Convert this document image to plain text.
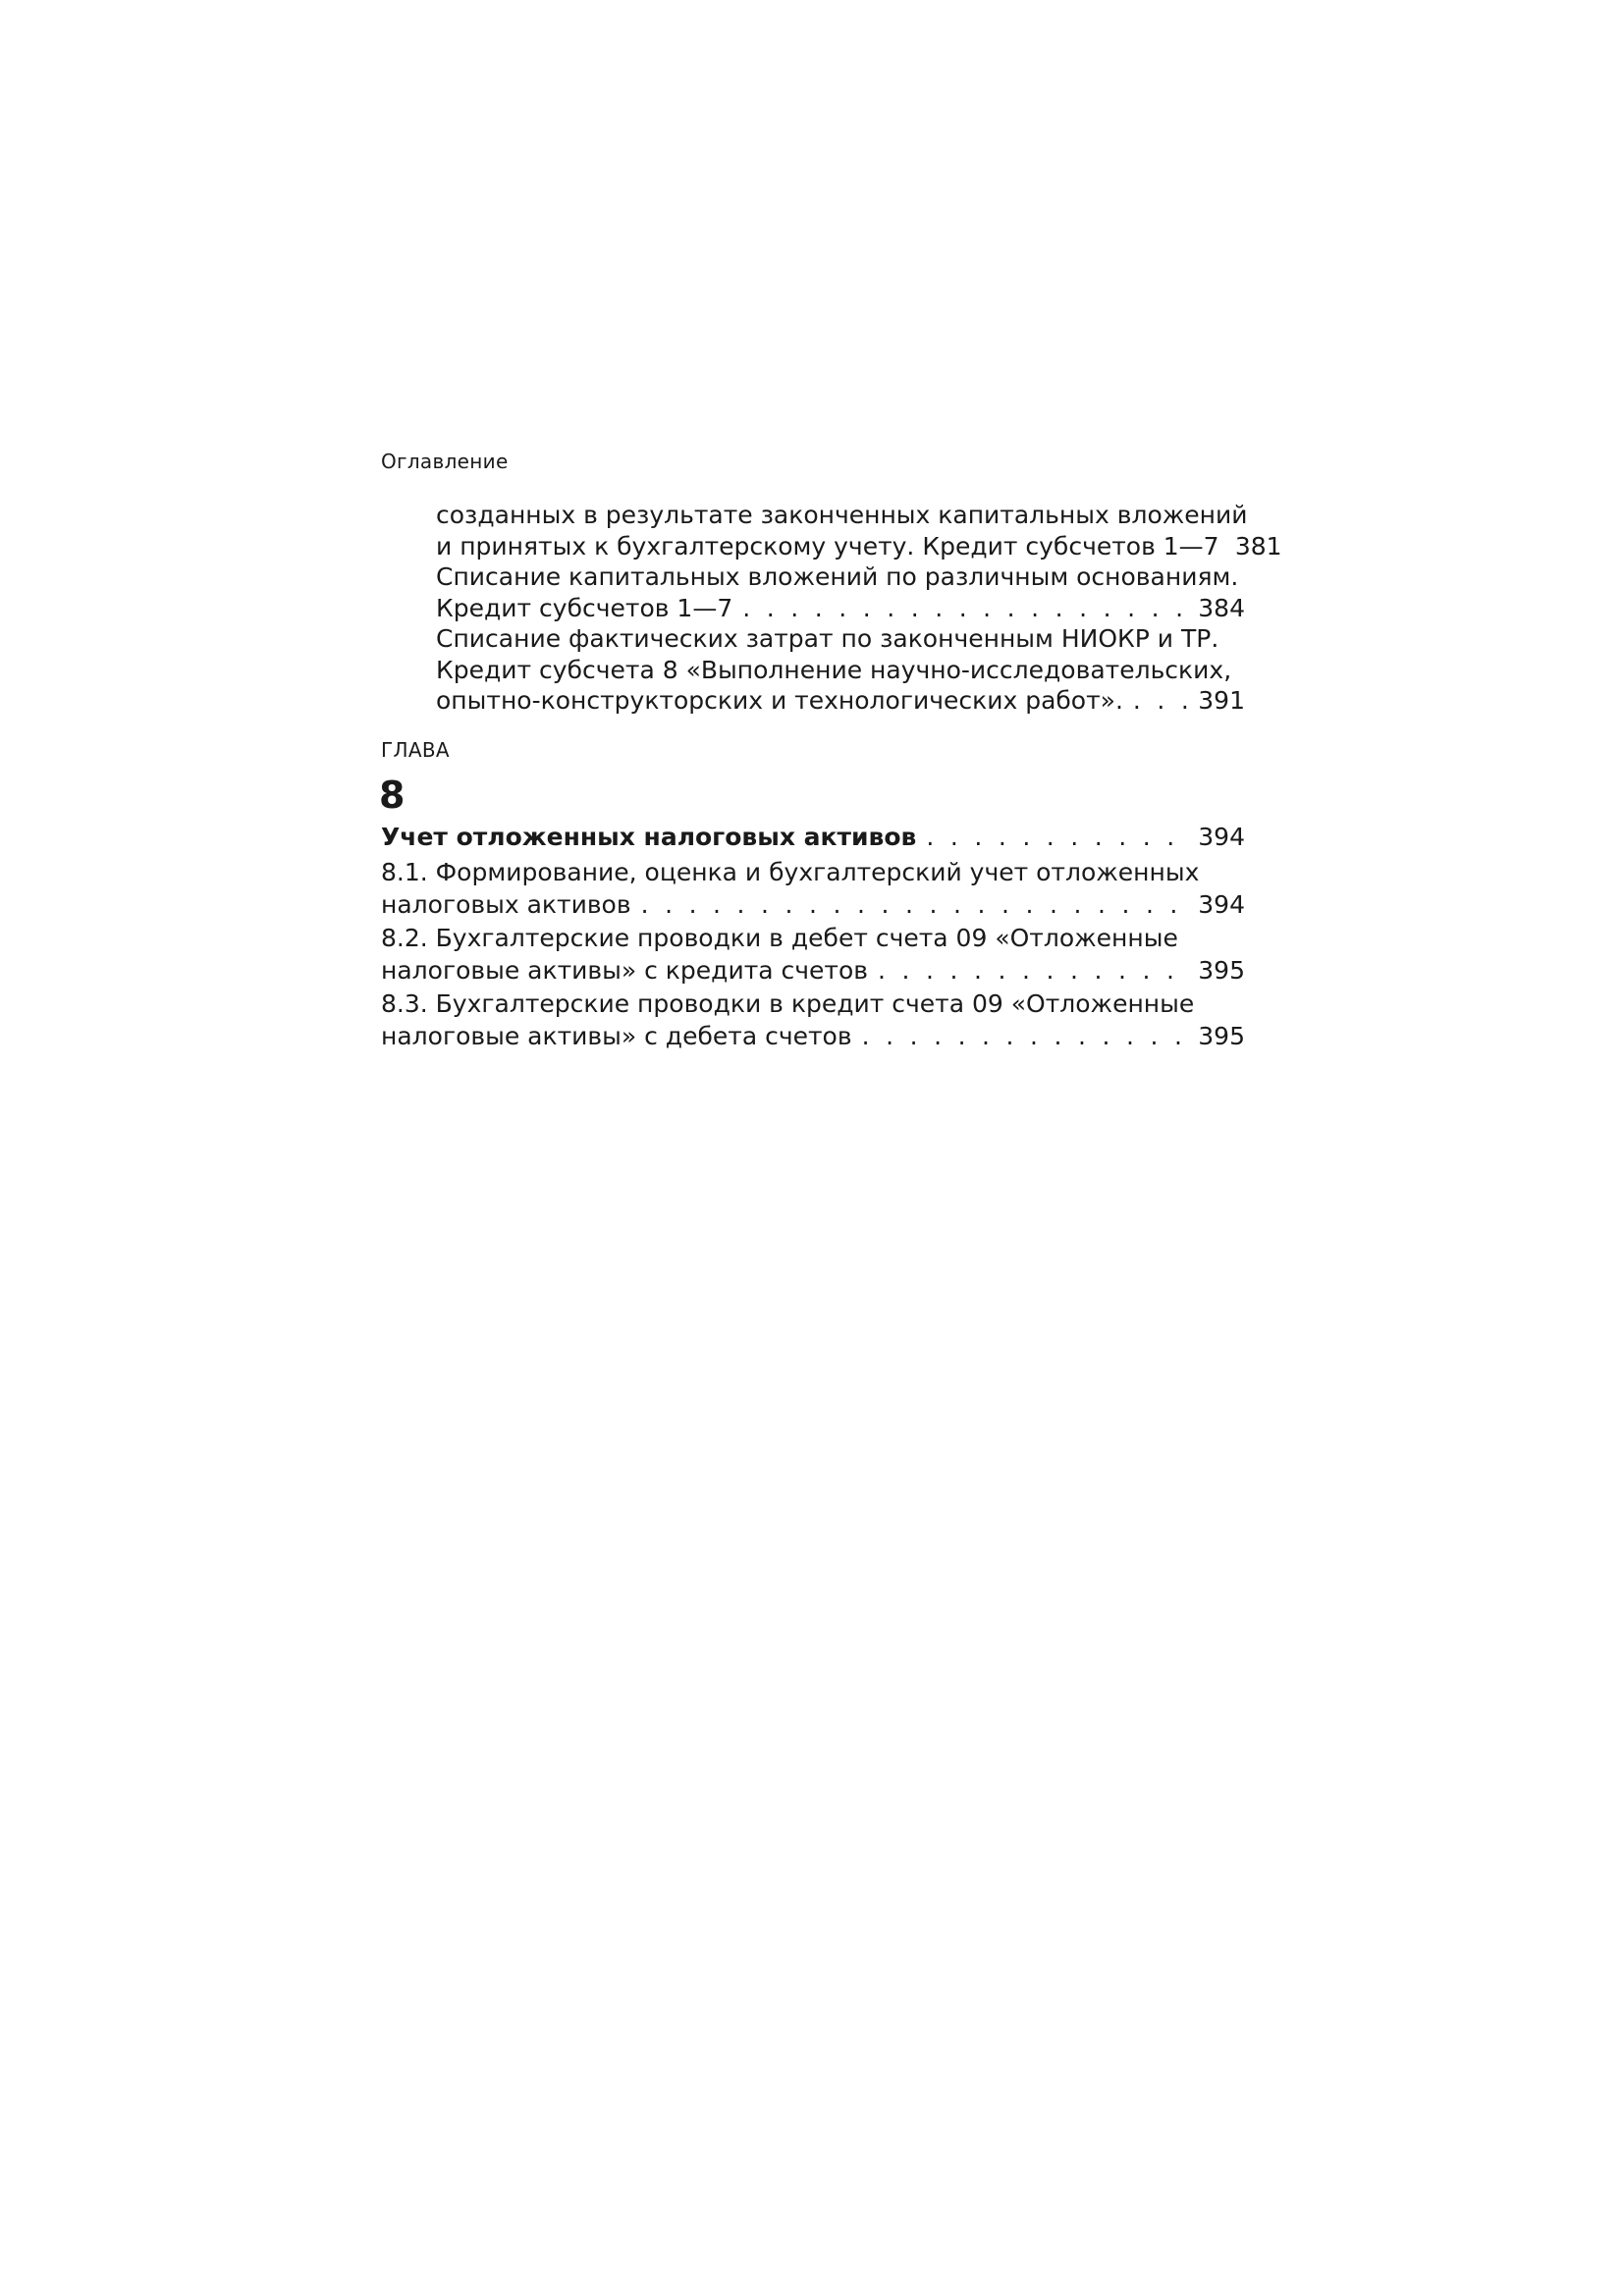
Оглавление
созданных в результате законченных капитальных вложений
и принятых к бухгалтерскому учету. Кредит субсчетов 1—7 381
Списание капитальных вложений по различным основаниям.
Кредит субсчетов 1—7 . . .	384
Списание фактических затрат по законченным НИОКР и ТР.
Кредит субсчета 8 «Выполнение научно-исследовательских,
опытно-конструкторских и технологических работ». . . .	391
ГЛАВА
8
Учет отложенных налоговых активов . . .	394
8.1. Формирование, оценка и бухгалтерский учет отложенных
налоговых активов . . .	394
8.2. Бухгалтерские проводки в дебет счета 09 «Отложенные
налоговые активы» с кредита счетов . . .	395
8.3. Бухгалтерские проводки в кредит счета 09 «Отложенные
налоговые активы» с дебета счетов . . .	395
